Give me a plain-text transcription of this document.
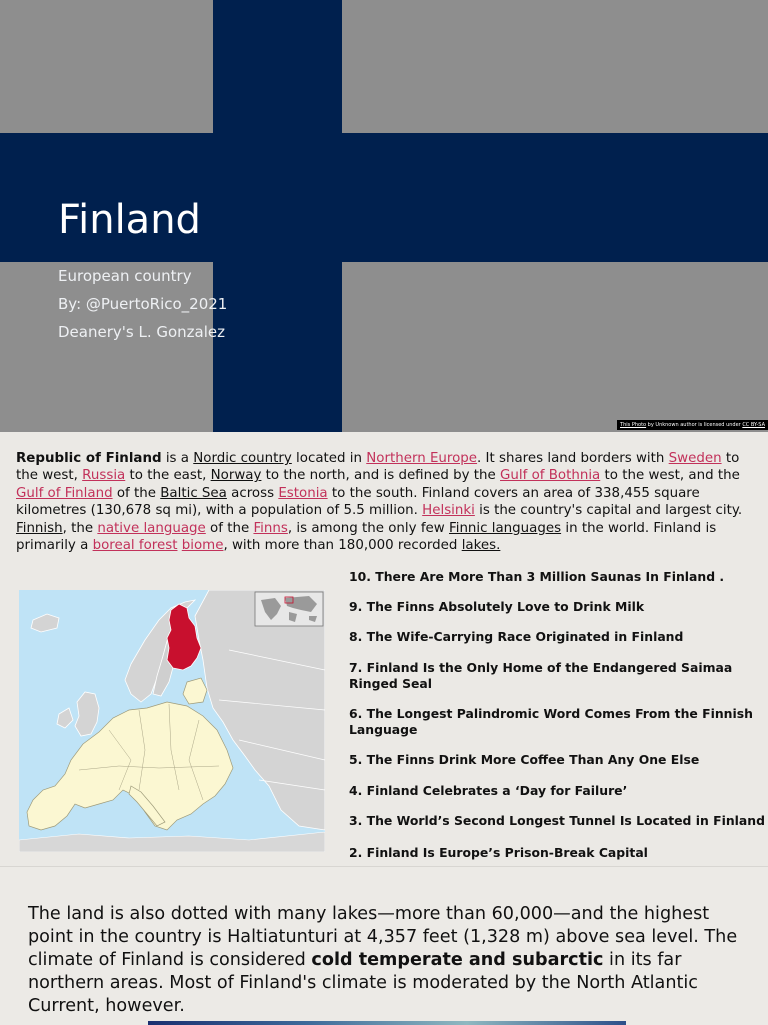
Finland
European country
By: @PuertoRico_2021
Deanery's L. Gonzalez
This Photo by Unknown author is licensed under CC BY-SA
Republic of Finland is a Nordic country located in Northern Europe. It shares land borders with Sweden to the west, Russia to the east, Norway to the north, and is defined by the Gulf of Bothnia to the west, and the Gulf of Finland of the Baltic Sea across Estonia to the south. Finland covers an area of 338,455 square kilometres (130,678 sq mi), with a population of 5.5 million. Helsinki is the country's capital and largest city. Finnish, the native language of the Finns, is among the only few Finnic languages in the world. Finland is primarily a boreal forest biome, with more than 180,000 recorded lakes.
10. There Are More Than 3 Million Saunas In Finland .
9. The Finns Absolutely Love to Drink Milk
8. The Wife-Carrying Race Originated in Finland
7. Finland Is the Only Home of the Endangered Saimaa Ringed Seal
6. The Longest Palindromic Word Comes From the Finnish Language
5. The Finns Drink More Coffee Than Any One Else
4. Finland Celebrates a ‘Day for Failure’
3. The World’s Second Longest Tunnel Is Located in Finland
2. Finland Is Europe’s Prison-Break Capital
The land is also dotted with many lakes—more than 60,000—and the highest point in the country is Haltiatunturi at 4,357 feet (1,328 m) above sea level. The climate of Finland is considered cold temperate and subarctic in its far northern areas. Most of Finland's climate is moderated by the North Atlantic Current, however.
